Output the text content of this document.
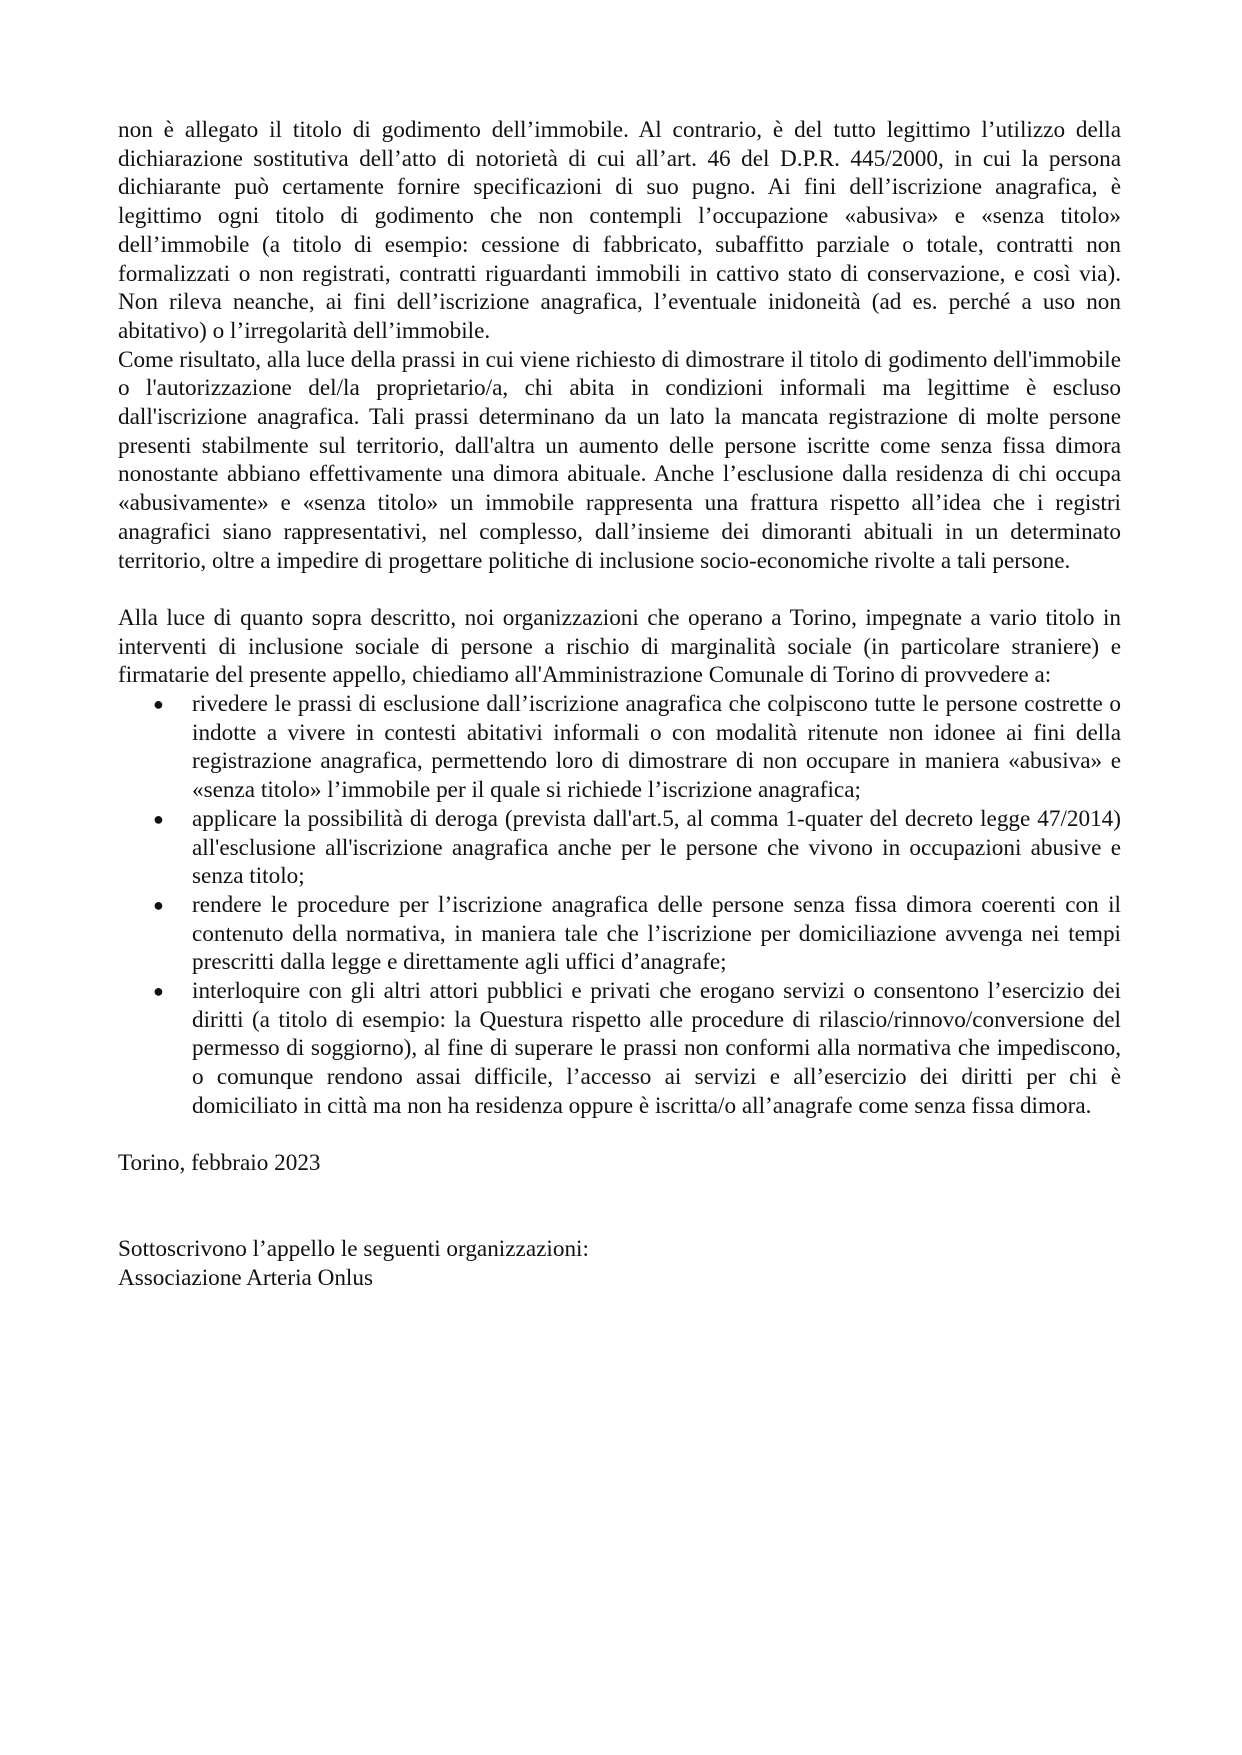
non è allegato il titolo di godimento dell’immobile. Al contrario, è del tutto legittimo l’utilizzo della dichiarazione sostitutiva dell’atto di notorietà di cui all’art. 46 del D.P.R. 445/2000, in cui la persona dichiarante può certamente fornire specificazioni di suo pugno. Ai fini dell’iscrizione anagrafica, è legittimo ogni titolo di godimento che non contempli l’occupazione «abusiva» e «senza titolo» dell’immobile (a titolo di esempio: cessione di fabbricato, subaffitto parziale o totale, contratti non formalizzati o non registrati, contratti riguardanti immobili in cattivo stato di conservazione, e così via). Non rileva neanche, ai fini dell’iscrizione anagrafica, l’eventuale inidoneità (ad es. perché a uso non abitativo) o l’irregolarità dell’immobile.

Come risultato, alla luce della prassi in cui viene richiesto di dimostrare il titolo di godimento dell'immobile o l'autorizzazione del/la proprietario/a, chi abita in condizioni informali ma legittime è escluso dall'iscrizione anagrafica. Tali prassi determinano da un lato la mancata registrazione di molte persone presenti stabilmente sul territorio, dall'altra un aumento delle persone iscritte come senza fissa dimora nonostante abbiano effettivamente una dimora abituale. Anche l’esclusione dalla residenza di chi occupa «abusivamente» e «senza titolo» un immobile rappresenta una frattura rispetto all’idea che i registri anagrafici siano rappresentativi, nel complesso, dall’insieme dei dimoranti abituali in un determinato territorio, oltre a impedire di progettare politiche di inclusione socio-economiche rivolte a tali persone.

Alla luce di quanto sopra descritto, noi organizzazioni che operano a Torino, impegnate a vario titolo in interventi di inclusione sociale di persone a rischio di marginalità sociale (in particolare straniere) e firmatarie del presente appello, chiediamo all'Amministrazione Comunale di Torino di provvedere a:

● rivedere le prassi di esclusione dall’iscrizione anagrafica che colpiscono tutte le persone costrette o indotte a vivere in contesti abitativi informali o con modalità ritenute non idonee ai fini della registrazione anagrafica, permettendo loro di dimostrare di non occupare in maniera «abusiva» e «senza titolo» l’immobile per il quale si richiede l’iscrizione anagrafica;
● applicare la possibilità di deroga (prevista dall'art.5, al comma 1-quater del decreto legge 47/2014) all'esclusione all'iscrizione anagrafica anche per le persone che vivono in occupazioni abusive e senza titolo;
● rendere le procedure per l’iscrizione anagrafica delle persone senza fissa dimora coerenti con il contenuto della normativa, in maniera tale che l’iscrizione per domiciliazione avvenga nei tempi prescritti dalla legge e direttamente agli uffici d’anagrafe;
● interloquire con gli altri attori pubblici e privati che erogano servizi o consentono l’esercizio dei diritti (a titolo di esempio: la Questura rispetto alle procedure di rilascio/rinnovo/conversione del permesso di soggiorno), al fine di superare le prassi non conformi alla normativa che impediscono, o comunque rendono assai difficile, l’accesso ai servizi e all’esercizio dei diritti per chi è domiciliato in città ma non ha residenza oppure è iscritta/o all’anagrafe come senza fissa dimora.

Torino, febbraio 2023

Sottoscrivono l’appello le seguenti organizzazioni:

Associazione Arteria Onlus
